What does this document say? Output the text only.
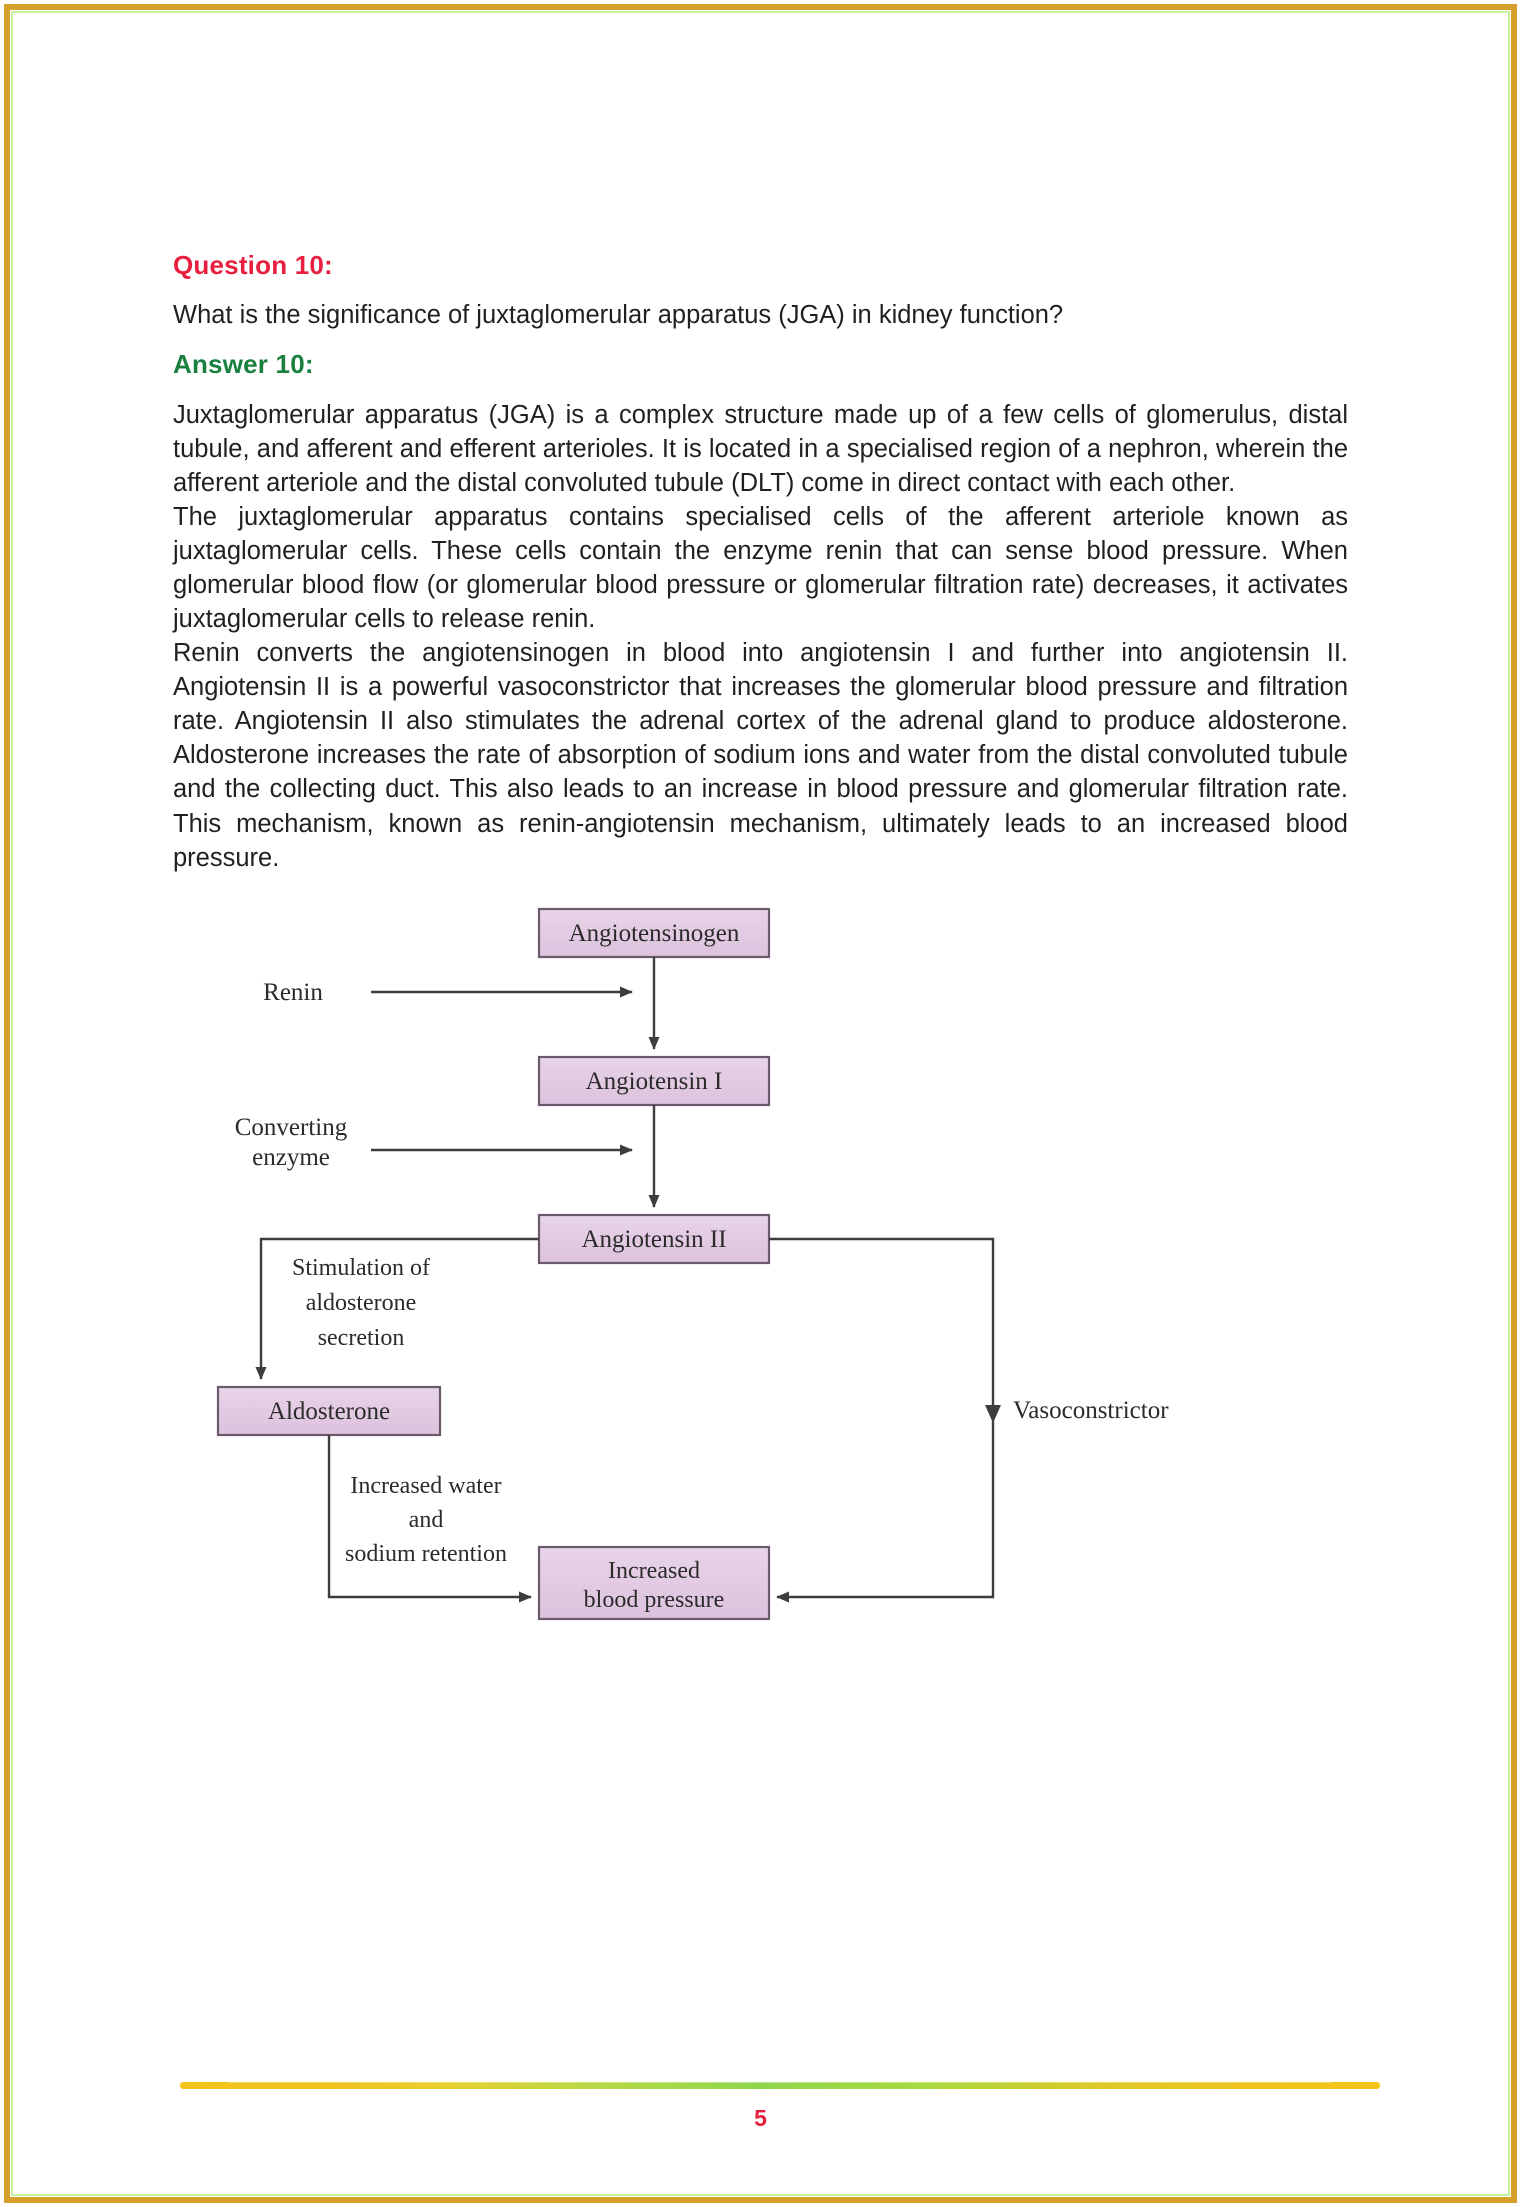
Question 10:
What is the significance of juxtaglomerular apparatus (JGA) in kidney function?
Answer 10:

Juxtaglomerular apparatus (JGA) is a complex structure made up of a few cells of glomerulus, distal tubule, and afferent and efferent arterioles. It is located in a specialised region of a nephron, wherein the afferent arteriole and the distal convoluted tubule (DLT) come in direct contact with each other.

The juxtaglomerular apparatus contains specialised cells of the afferent arteriole known as juxtaglomerular cells. These cells contain the enzyme renin that can sense blood pressure. When glomerular blood flow (or glomerular blood pressure or glomerular filtration rate) decreases, it activates juxtaglomerular cells to release renin.

Renin converts the angiotensinogen in blood into angiotensin I and further into angiotensin II. Angiotensin II is a powerful vasoconstrictor that increases the glomerular blood pressure and filtration rate. Angiotensin II also stimulates the adrenal cortex of the adrenal gland to produce aldosterone. Aldosterone increases the rate of absorption of sodium ions and water from the distal convoluted tubule and the collecting duct. This also leads to an increase in blood pressure and glomerular filtration rate. This mechanism, known as renin-angiotensin mechanism, ultimately leads to an increased blood pressure.

Angiotensinogen
Angiotensin I
Angiotensin II
Aldosterone
Increased
blood pressure
Renin
Converting
enzyme
Stimulation of
aldosterone
secretion
Increased water
and
sodium retention
Vasoconstrictor
5
